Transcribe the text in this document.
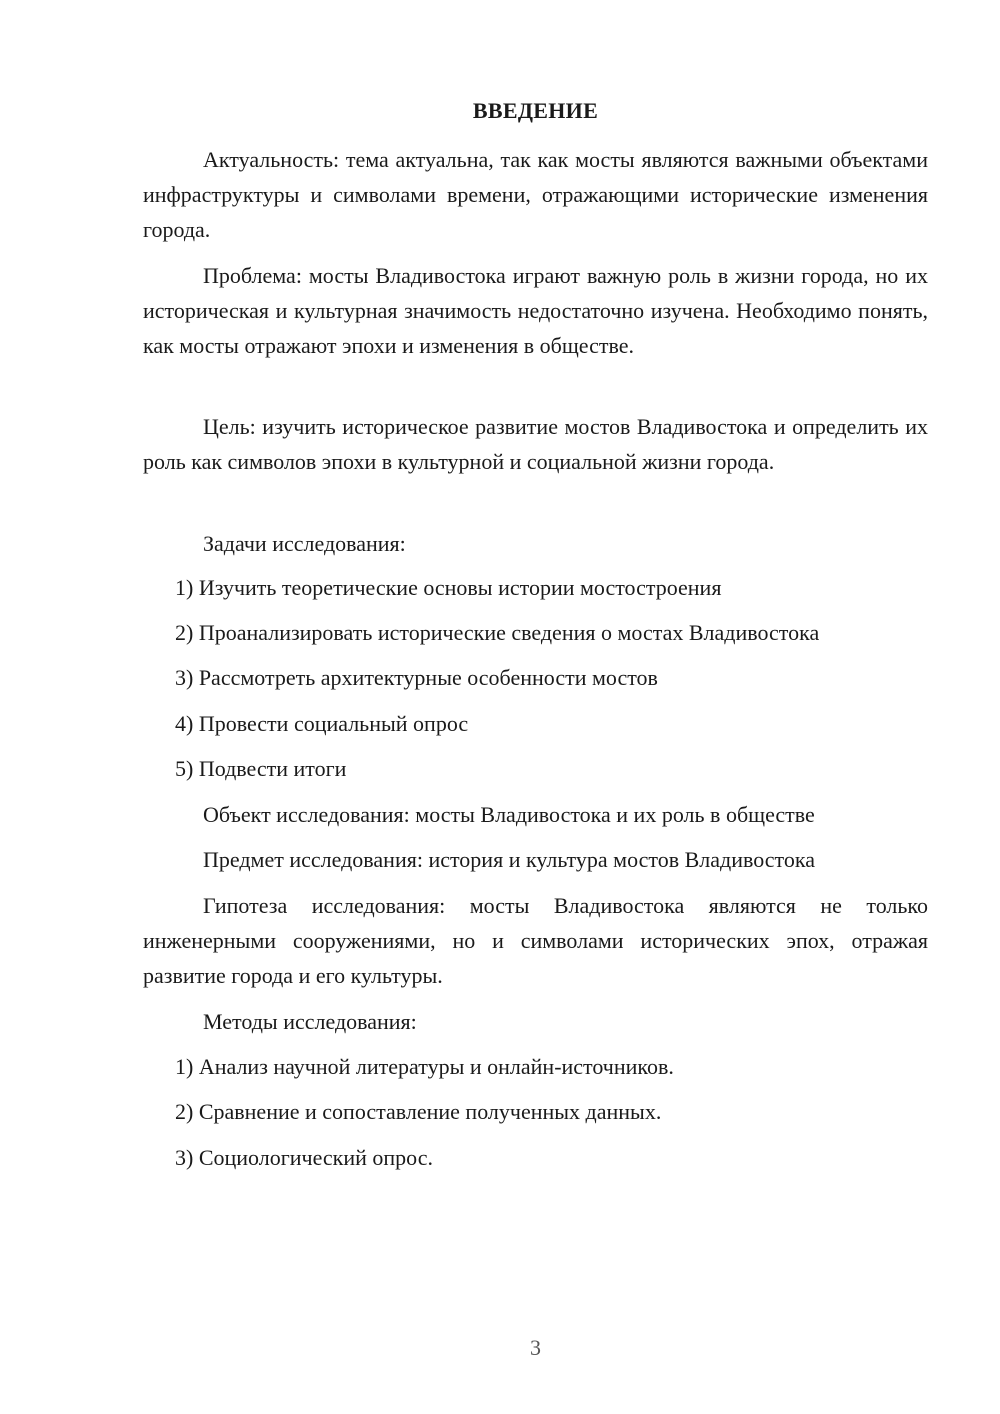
ВВЕДЕНИЕ

Актуальность: тема актуальна, так как мосты являются важными объектами инфраструктуры и символами времени, отражающими исторические изменения города.

Проблема: мосты Владивостока играют важную роль в жизни города, но их историческая и культурная значимость недостаточно изучена. Необходимо понять, как мосты отражают эпохи и изменения в обществе.

Цель: изучить историческое развитие мостов Владивостока и определить их роль как символов эпохи в культурной и социальной жизни города.

Задачи исследования:

1) Изучить теоретические основы истории мостостроения

2) Проанализировать исторические сведения о мостах Владивостока

3) Рассмотреть архитектурные особенности мостов

4) Провести социальный опрос

5) Подвести итоги

Объект исследования: мосты Владивостока и их роль в обществе

Предмет исследования: история и культура мостов Владивостока

Гипотеза исследования: мосты Владивостока являются не только инженерными сооружениями, но и символами исторических эпох, отражая развитие города и его культуры.

Методы исследования:

1) Анализ научной литературы и онлайн-источников.

2) Сравнение и сопоставление полученных данных.

3) Социологический опрос.

3
